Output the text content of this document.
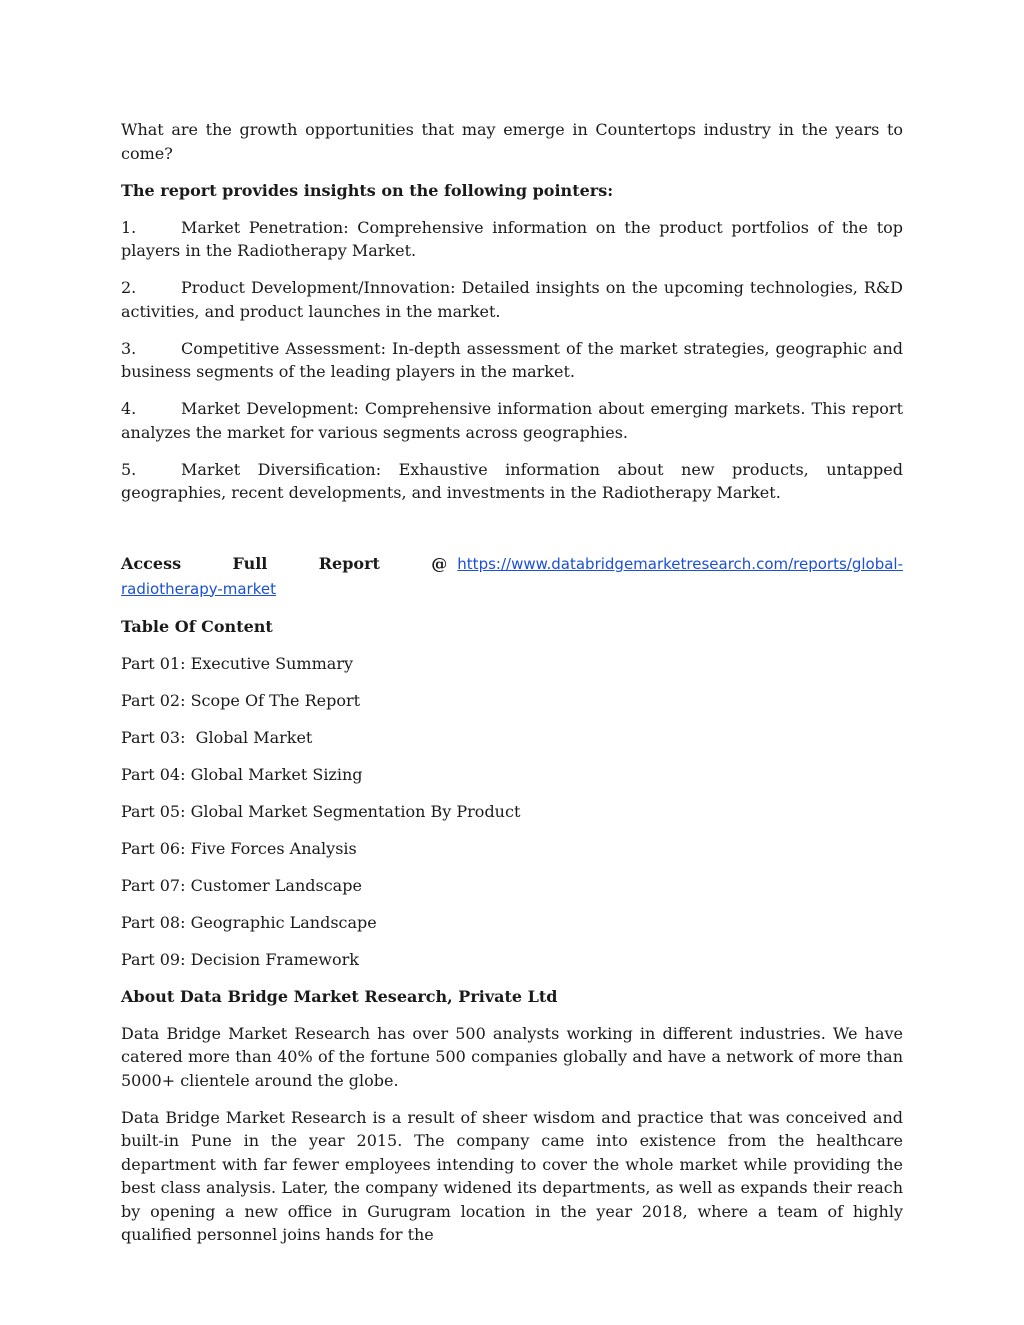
What are the growth opportunities that may emerge in Countertops industry in the years to come?

The report provides insights on the following pointers:

1.	Market Penetration: Comprehensive information on the product portfolios of the top players in the Radiotherapy Market.

2.	Product Development/Innovation: Detailed insights on the upcoming technologies, R&D activities, and product launches in the market.

3.	Competitive Assessment: In-depth assessment of the market strategies, geographic and business segments of the leading players in the market.

4.	Market Development: Comprehensive information about emerging markets. This report analyzes the market for various segments across geographies.

5.	Market Diversification: Exhaustive information about new products, untapped geographies, recent developments, and investments in the Radiotherapy Market.

Access Full Report @ https://www.databridgemarketresearch.com/reports/global-radiotherapy-market

Table Of Content

Part 01: Executive Summary

Part 02: Scope Of The Report

Part 03:  Global Market

Part 04: Global Market Sizing

Part 05: Global Market Segmentation By Product

Part 06: Five Forces Analysis

Part 07: Customer Landscape

Part 08: Geographic Landscape

Part 09: Decision Framework

About Data Bridge Market Research, Private Ltd

Data Bridge Market Research has over 500 analysts working in different industries. We have catered more than 40% of the fortune 500 companies globally and have a network of more than 5000+ clientele around the globe.

Data Bridge Market Research is a result of sheer wisdom and practice that was conceived and built-in Pune in the year 2015. The company came into existence from the healthcare department with far fewer employees intending to cover the whole market while providing the best class analysis. Later, the company widened its departments, as well as expands their reach by opening a new office in Gurugram location in the year 2018, where a team of highly qualified personnel joins hands for the
